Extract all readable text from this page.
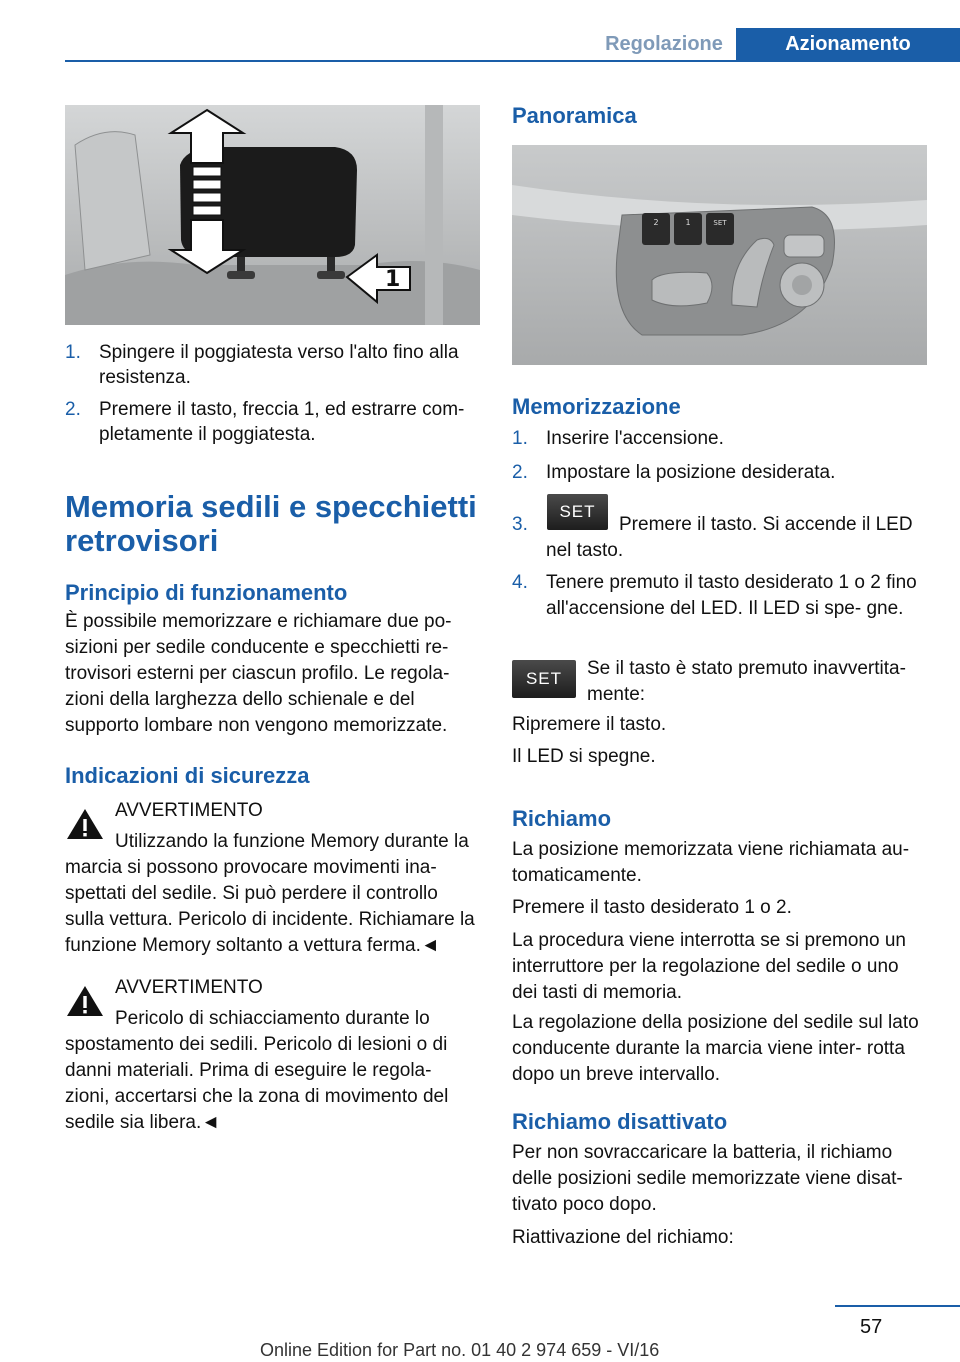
Regolazione	Azionamento
1
1. Spingere il poggiatesta verso l'alto fino alla resistenza.
2. Premere il tasto, freccia 1, ed estrarre com- pletamente il poggiatesta.
Memoria sedili e specchietti retrovisori
Principio di funzionamento
È possibile memorizzare e richiamare due po- sizioni per sedile conducente e specchietti re- trovisori esterni per ciascun profilo. Le regola- zioni della larghezza dello schienale e del supporto lombare non vengono memorizzate.
Indicazioni di sicurezza
AVVERTIMENTO
Utilizzando la funzione Memory durante la marcia si possono provocare movimenti ina- spettati del sedile. Si può perdere il controllo sulla vettura. Pericolo di incidente. Richiamare la funzione Memory soltanto a vettura ferma.◄
AVVERTIMENTO
Pericolo di schiacciamento durante lo spostamento dei sedili. Pericolo di lesioni o di danni materiali. Prima di eseguire le regola- zioni, accertarsi che la zona di movimento del sedile sia libera.◄
Panoramica
2	1	SET
Memorizzazione
1. Inserire l'accensione.
2. Impostare la posizione desiderata.
3.
SET
Premere il tasto. Si accende il LED nel tasto.
4. Tenere premuto il tasto desiderato 1 o 2 fino all'accensione del LED. Il LED si spe- gne.
SET	Se il tasto è stato premuto inavvertita- mente:
Ripremere il tasto.
Il LED si spegne.
Richiamo
La posizione memorizzata viene richiamata au- tomaticamente.
Premere il tasto desiderato 1 o 2.
La procedura viene interrotta se si premono un interruttore per la regolazione del sedile o uno dei tasti di memoria.
La regolazione della posizione del sedile sul lato conducente durante la marcia viene inter- rotta dopo un breve intervallo.
Richiamo disattivato
Per non sovraccaricare la batteria, il richiamo delle posizioni sedile memorizzate viene disat- tivato poco dopo.
Riattivazione del richiamo:
57
Online Edition for Part no. 01 40 2 974 659 - VI/16
